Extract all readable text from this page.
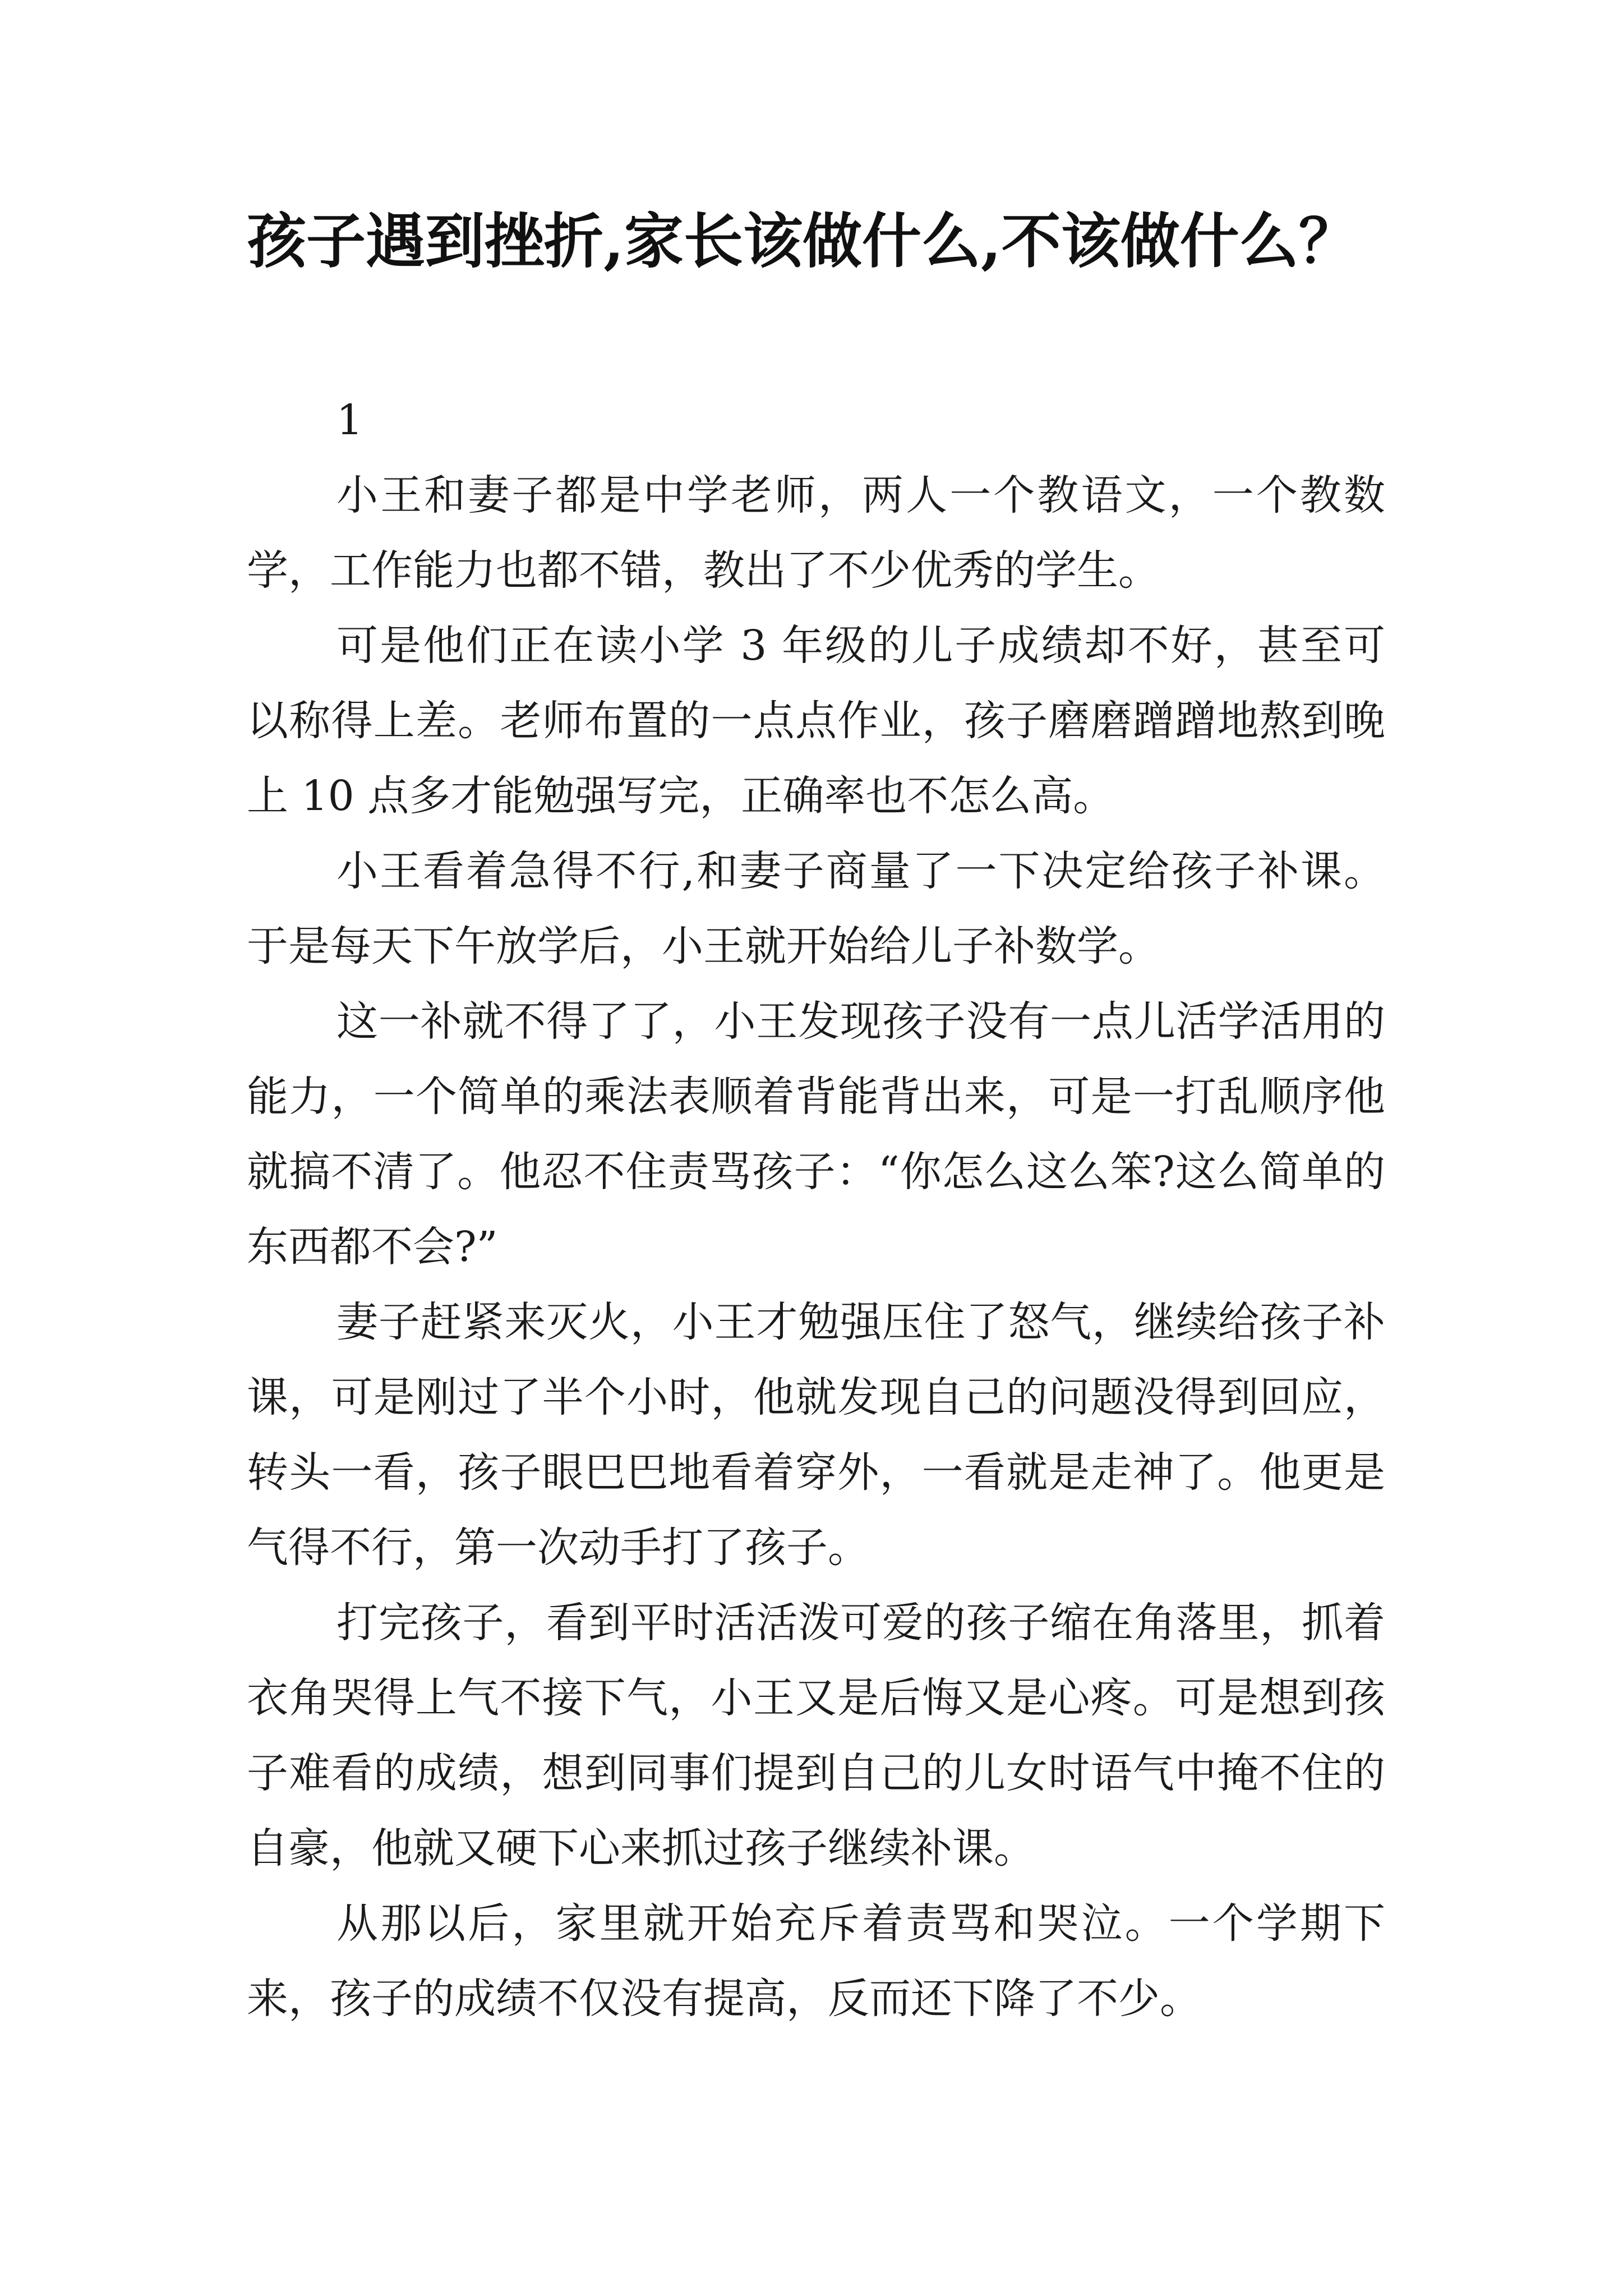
孩子遇到挫折,家长该做什么,不该做什么？

1

小王和妻子都是中学老师，两人一个教语文，一个教数学，工作能力也都不错，教出了不少优秀的学生。

可是他们正在读小学 3 年级的儿子成绩却不好，甚至可以称得上差。老师布置的一点点作业，孩子磨磨蹭蹭地熬到晚上 10 点多才能勉强写完，正确率也不怎么高。

小王看着急得不行,和妻子商量了一下决定给孩子补课。于是每天下午放学后，小王就开始给儿子补数学。

这一补就不得了了，小王发现孩子没有一点儿活学活用的能力，一个简单的乘法表顺着背能背出来，可是一打乱顺序他就搞不清了。他忍不住责骂孩子：“你怎么这么笨?这么简单的东西都不会?”

妻子赶紧来灭火，小王才勉强压住了怒气，继续给孩子补课，可是刚过了半个小时，他就发现自己的问题没得到回应，转头一看，孩子眼巴巴地看着穿外，一看就是走神了。他更是气得不行，第一次动手打了孩子。

打完孩子，看到平时活活泼可爱的孩子缩在角落里，抓着衣角哭得上气不接下气，小王又是后悔又是心疼。可是想到孩子难看的成绩，想到同事们提到自己的儿女时语气中掩不住的自豪，他就又硬下心来抓过孩子继续补课。

从那以后，家里就开始充斥着责骂和哭泣。一个学期下来，孩子的成绩不仅没有提高，反而还下降了不少。
